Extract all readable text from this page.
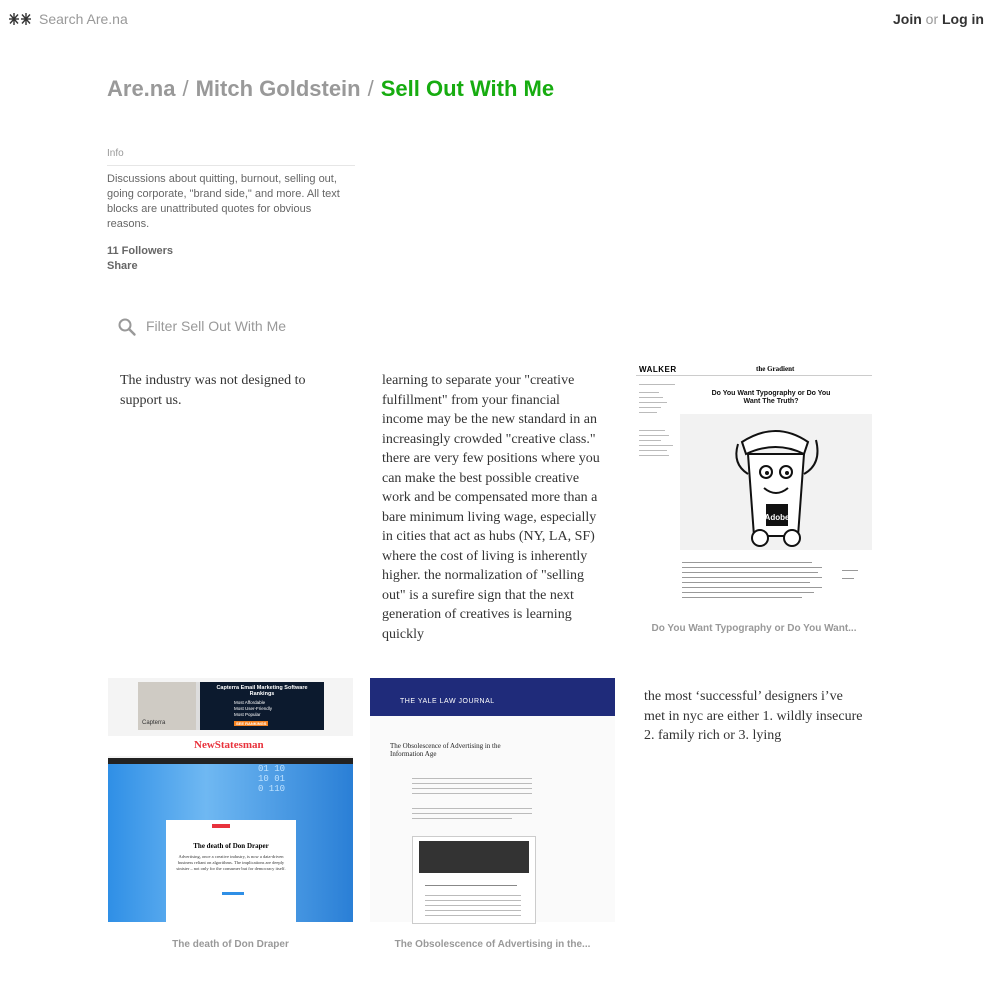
Search Are.na	Join or Log in
Are.na / Mitch Goldstein / Sell Out With Me
Info
Discussions about quitting, burnout, selling out, going corporate, "brand side," and more. All text blocks are unattributed quotes for obvious reasons.
11 Followers
Share
Filter Sell Out With Me
The industry was not designed to support us.
learning to separate your "creative fulfillment" from your financial income may be the new standard in an increasingly crowded "creative class." there are very few positions where you can make the best possible creative work and be compensated more than a bare minimum living wage, especially in cities that act as hubs (NY, LA, SF) where the cost of living is inherently higher. the normalization of "selling out" is a surefire sign that the next generation of creatives is learning quickly
WALKER	the Gradient
Do You Want Typography or Do You Want The Truth?
Adobe
Do You Want Typography or Do You Want...
Capterra
Capterra Email Marketing Software Rankings
Most Affordable
Most User-Friendly
Most Popular
SEE RANKINGS
NewStatesman
01 10
10 01
0 110
The death of Don Draper
Advertising, once a creative industry, is now a data-driven business reliant on algorithms. The implications are deeply sinister – not only for the consumer but for democracy itself.
The death of Don Draper
THE YALE LAW JOURNAL
The Obsolescence of Advertising in the Information Age
The Obsolescence of Advertising in the...
the most ‘successful’ designers i’ve met in nyc are either 1. wildly insecure 2. family rich or 3. lying
